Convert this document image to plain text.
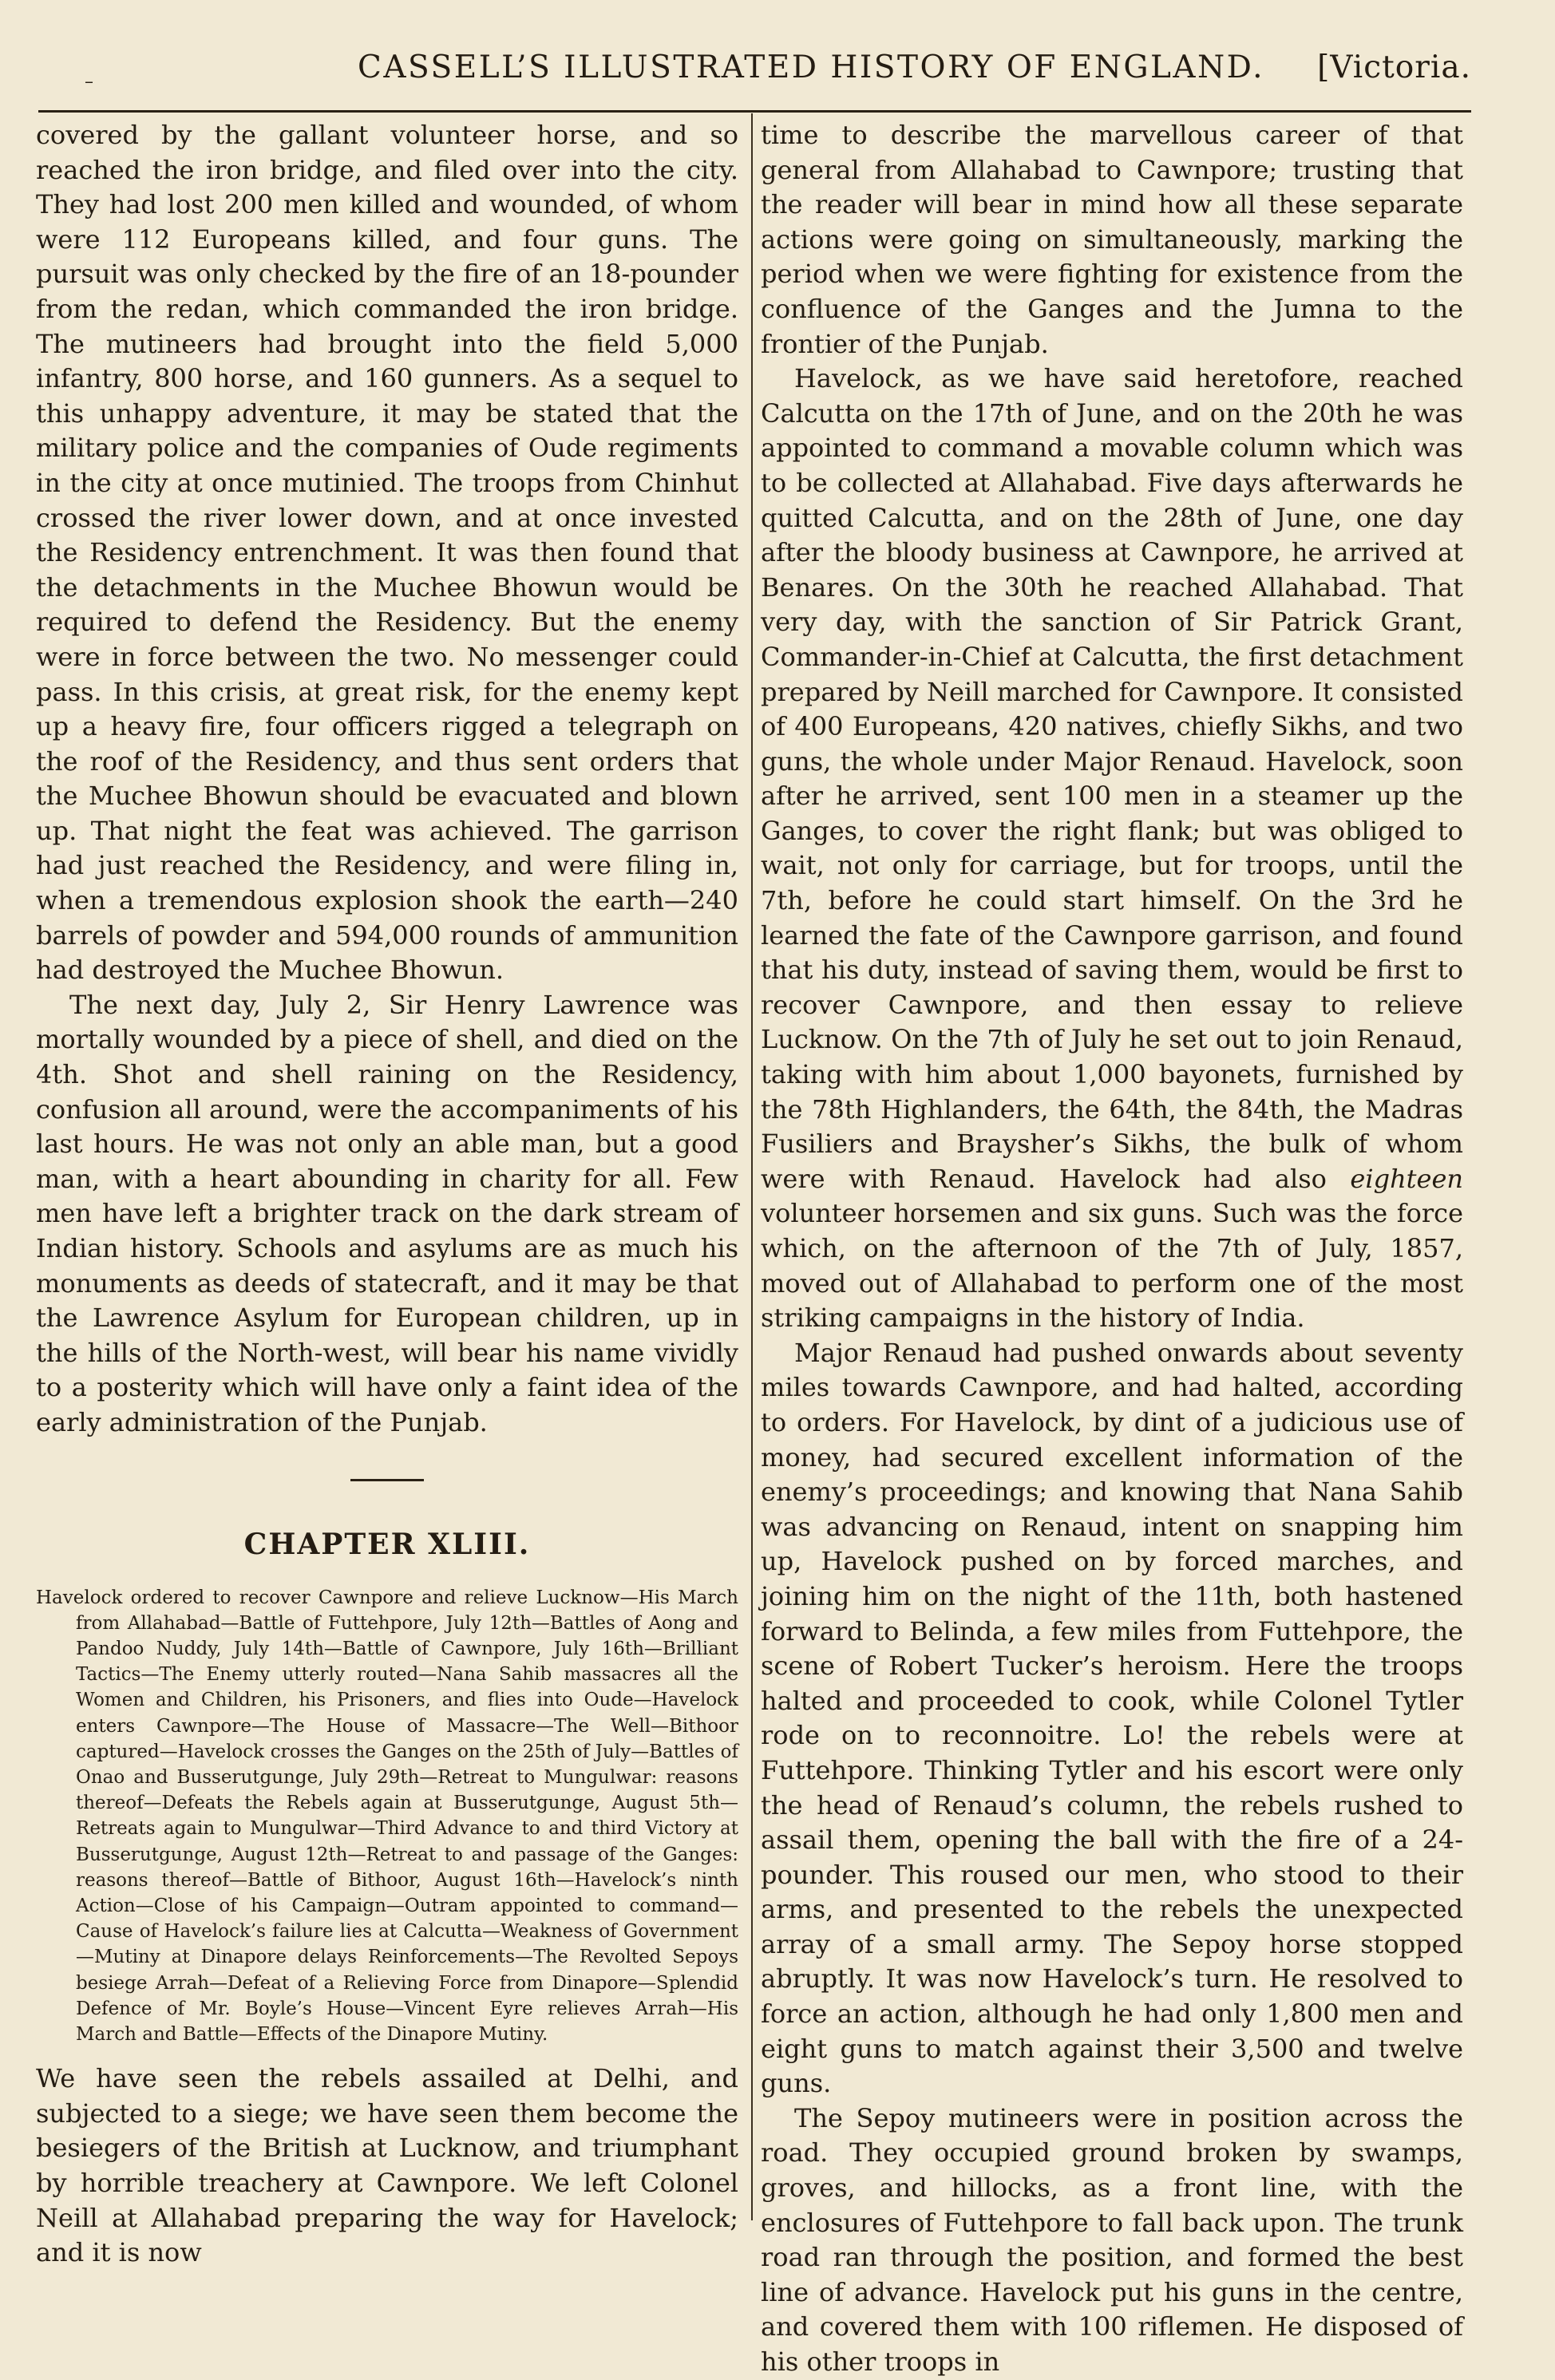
–	CASSELL’S ILLUSTRATED HISTORY OF ENGLAND. [Victoria.

covered by the gallant volunteer horse, and so reached the iron bridge, and filed over into the city. They had lost 200 men killed and wounded, of whom were 112 Europeans killed, and four guns. The pursuit was only checked by the fire of an 18-pounder from the redan, which commanded the iron bridge. The mutineers had brought into the field 5,000 infantry, 800 horse, and 160 gunners. As a sequel to this unhappy adventure, it may be stated that the military police and the companies of Oude regiments in the city at once mutinied. The troops from Chinhut crossed the river lower down, and at once invested the Residency entrenchment. It was then found that the detachments in the Muchee Bhowun would be required to defend the Residency. But the enemy were in force between the two. No messenger could pass. In this crisis, at great risk, for the enemy kept up a heavy fire, four officers rigged a telegraph on the roof of the Residency, and thus sent orders that the Muchee Bhowun should be evacuated and blown up. That night the feat was achieved. The garrison had just reached the Residency, and were filing in, when a tremendous explosion shook the earth—240 barrels of powder and 594,000 rounds of ammunition had destroyed the Muchee Bhowun.

The next day, July 2, Sir Henry Lawrence was mortally wounded by a piece of shell, and died on the 4th. Shot and shell raining on the Residency, confusion all around, were the accompaniments of his last hours. He was not only an able man, but a good man, with a heart abounding in charity for all. Few men have left a brighter track on the dark stream of Indian history. Schools and asylums are as much his monuments as deeds of statecraft, and it may be that the Lawrence Asylum for European children, up in the hills of the North-west, will bear his name vividly to a posterity which will have only a faint idea of the early administration of the Punjab.

CHAPTER XLIII.

Havelock ordered to recover Cawnpore and relieve Lucknow—His March from Allahabad—Battle of Futtehpore, July 12th—Battles of Aong and Pandoo Nuddy, July 14th—Battle of Cawnpore, July 16th—Brilliant Tactics—The Enemy utterly routed—Nana Sahib massacres all the Women and Children, his Prisoners, and flies into Oude—Havelock enters Cawnpore—The House of Massacre—The Well—Bithoor captured—Havelock crosses the Ganges on the 25th of July—Battles of Onao and Busserutgunge, July 29th—Retreat to Mungulwar: reasons thereof—Defeats the Rebels again at Busserutgunge, August 5th—Retreats again to Mungulwar—Third Advance to and third Victory at Busserutgunge, August 12th—Retreat to and passage of the Ganges: reasons thereof—Battle of Bithoor, August 16th—Havelock’s ninth Action—Close of his Campaign—Outram appointed to command—Cause of Havelock’s failure lies at Calcutta—Weakness of Government—Mutiny at Dinapore delays Reinforcements—The Revolted Sepoys besiege Arrah—Defeat of a Relieving Force from Dinapore—Splendid Defence of Mr. Boyle’s House—Vincent Eyre relieves Arrah—His March and Battle—Effects of the Dinapore Mutiny.

We have seen the rebels assailed at Delhi, and subjected to a siege; we have seen them become the besiegers of the British at Lucknow, and triumphant by horrible treachery at Cawnpore. We left Colonel Neill at Allahabad preparing the way for Havelock; and it is now

time to describe the marvellous career of that general from Allahabad to Cawnpore; trusting that the reader will bear in mind how all these separate actions were going on simultaneously, marking the period when we were fighting for existence from the confluence of the Ganges and the Jumna to the frontier of the Punjab.

Havelock, as we have said heretofore, reached Calcutta on the 17th of June, and on the 20th he was appointed to command a movable column which was to be collected at Allahabad. Five days afterwards he quitted Calcutta, and on the 28th of June, one day after the bloody business at Cawnpore, he arrived at Benares. On the 30th he reached Allahabad. That very day, with the sanction of Sir Patrick Grant, Commander-in-Chief at Calcutta, the first detachment prepared by Neill marched for Cawnpore. It consisted of 400 Europeans, 420 natives, chiefly Sikhs, and two guns, the whole under Major Renaud. Havelock, soon after he arrived, sent 100 men in a steamer up the Ganges, to cover the right flank; but was obliged to wait, not only for carriage, but for troops, until the 7th, before he could start himself. On the 3rd he learned the fate of the Cawnpore garrison, and found that his duty, instead of saving them, would be first to recover Cawnpore, and then essay to relieve Lucknow. On the 7th of July he set out to join Renaud, taking with him about 1,000 bayonets, furnished by the 78th Highlanders, the 64th, the 84th, the Madras Fusiliers and Braysher’s Sikhs, the bulk of whom were with Renaud. Havelock had also eighteen volunteer horsemen and six guns. Such was the force which, on the afternoon of the 7th of July, 1857, moved out of Allahabad to perform one of the most striking campaigns in the history of India.

Major Renaud had pushed onwards about seventy miles towards Cawnpore, and had halted, according to orders. For Havelock, by dint of a judicious use of money, had secured excellent information of the enemy’s proceedings; and knowing that Nana Sahib was advancing on Renaud, intent on snapping him up, Havelock pushed on by forced marches, and joining him on the night of the 11th, both hastened forward to Belinda, a few miles from Futtehpore, the scene of Robert Tucker’s heroism. Here the troops halted and proceeded to cook, while Colonel Tytler rode on to reconnoitre. Lo! the rebels were at Futtehpore. Thinking Tytler and his escort were only the head of Renaud’s column, the rebels rushed to assail them, opening the ball with the fire of a 24-pounder. This roused our men, who stood to their arms, and presented to the rebels the unexpected array of a small army. The Sepoy horse stopped abruptly. It was now Havelock’s turn. He resolved to force an action, although he had only 1,800 men and eight guns to match against their 3,500 and twelve guns.

The Sepoy mutineers were in position across the road. They occupied ground broken by swamps, groves, and hillocks, as a front line, with the enclosures of Futtehpore to fall back upon. The trunk road ran through the position, and formed the best line of advance. Havelock put his guns in the centre, and covered them with 100 riflemen. He disposed of his other troops in
